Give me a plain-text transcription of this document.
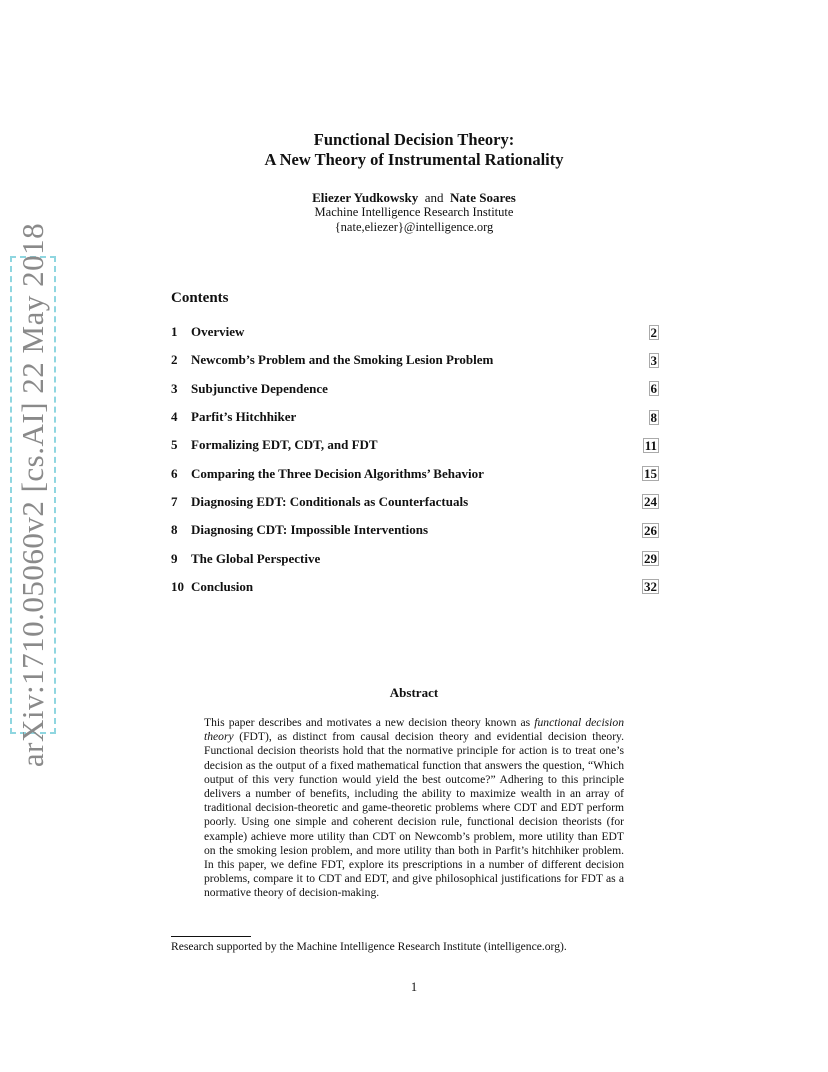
arXiv:1710.05060v2 [cs.AI] 22 May 2018
Functional Decision Theory:
A New Theory of Instrumental Rationality
Eliezer Yudkowsky and Nate Soares
Machine Intelligence Research Institute
{nate,eliezer}@intelligence.org
Contents
1	Overview	2
2	Newcomb’s Problem and the Smoking Lesion Problem	3
3	Subjunctive Dependence	6
4	Parfit’s Hitchhiker	8
5	Formalizing EDT, CDT, and FDT	11
6	Comparing the Three Decision Algorithms’ Behavior	15
7	Diagnosing EDT: Conditionals as Counterfactuals	24
8	Diagnosing CDT: Impossible Interventions	26
9	The Global Perspective	29
10 Conclusion	32
Abstract
This paper describes and motivates a new decision theory known as functional decision theory (FDT), as distinct from causal decision theory and evidential decision theory. Functional decision theorists hold that the normative principle for action is to treat one’s decision as the output of a fixed mathematical function that answers the question, “Which output of this very function would yield the best outcome?” Adhering to this principle delivers a number of benefits, including the ability to maximize wealth in an array of traditional decision-theoretic and game-theoretic problems where CDT and EDT perform poorly. Using one simple and coherent decision rule, functional decision theorists (for example) achieve more utility than CDT on Newcomb’s problem, more utility than EDT on the smoking lesion problem, and more utility than both in Parfit’s hitchhiker problem. In this paper, we define FDT, explore its prescriptions in a number of different decision problems, compare it to CDT and EDT, and give philosophical justifications for FDT as a normative theory of decision-making.
Research supported by the Machine Intelligence Research Institute (intelligence.org).
1
